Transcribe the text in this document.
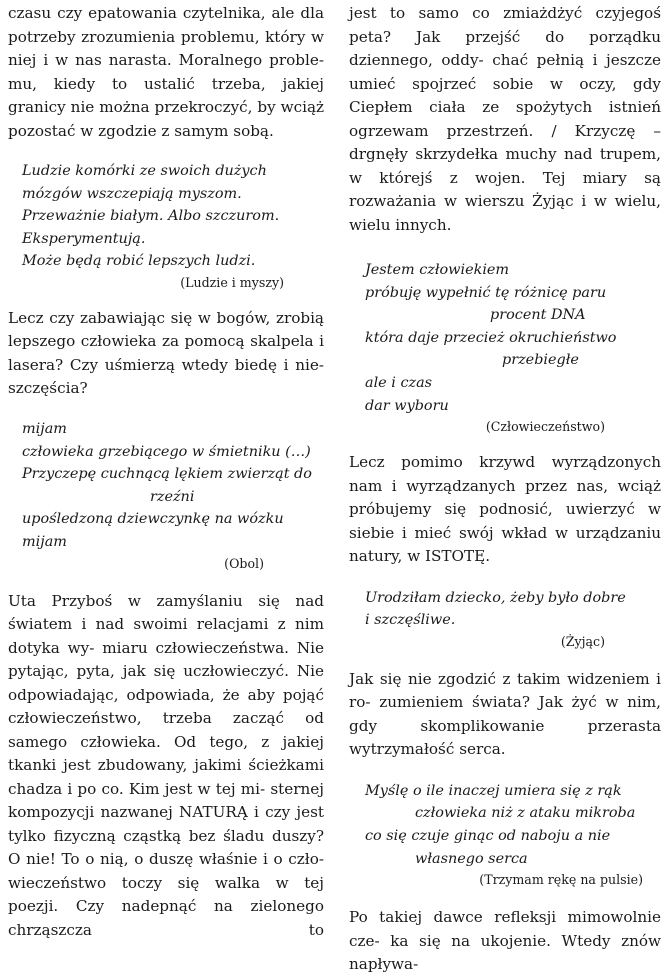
czasu czy epatowania czytelnika, ale dla potrzeby zrozumienia problemu, który w niej i w nas narasta. Moralnego proble- mu, kiedy to ustalić trzeba, jakiej granicy nie można przekroczyć, by wciąż pozostać w zgodzie z samym sobą.

Ludzie komórki ze swoich dużych
mózgów wszczepiają myszom.
Przeważnie białym. Albo szczurom.
Eksperymentują.
Może będą robić lepszych ludzi.
(Ludzie i myszy)

Lecz czy zabawiając się w bogów, zrobią lepszego człowieka za pomocą skalpela i lasera? Czy uśmierzą wtedy biedę i nie- szczęścia?

mijam
człowieka grzebiącego w śmietniku (…)
Przyczepę cuchnącą lękiem zwierząt do
rzeźni
upośledzoną dziewczynkę na wózku
mijam
(Obol)

Uta Przyboś w zamyślaniu się nad światem i nad swoimi relacjami z nim dotyka wy- miaru człowieczeństwa. Nie pytając, pyta, jak się uczłowieczyć. Nie odpowiadając, odpowiada, że aby pojąć człowieczeństwo, trzeba zacząć od samego człowieka. Od tego, z jakiej tkanki jest zbudowany, jakimi ścieżkami chadza i po co. Kim jest w tej mi- sternej kompozycji nazwanej NATURĄ i czy jest tylko fizyczną cząstką bez śladu duszy? O nie! To o nią, o duszę właśnie i o czło- wieczeństwo toczy się walka w tej poezji. Czy nadepnąć na zielonego chrząszcza to

jest to samo co zmiażdżyć czyjegoś peta? Jak przejść do porządku dziennego, oddy- chać pełnią i jeszcze umieć spojrzeć sobie w oczy, gdy Ciepłem ciała ze spożytych istnień ogrzewam przestrzeń. / Krzyczę – drgnęły skrzydełka muchy nad trupem, w którejś z wojen. Tej miary są rozważania w wierszu Żyjąc i w wielu, wielu innych.

Jestem człowiekiem
próbuję wypełnić tę różnicę paru
procent DNA
która daje przecież okruchieństwo
przebiegłe
ale i czas
dar wyboru
(Człowieczeństwo)

Lecz pomimo krzywd wyrządzonych nam i wyrządzanych przez nas, wciąż próbujemy się podnosić, uwierzyć w siebie i mieć swój wkład w urządzaniu natury, w ISTOTĘ.

Urodziłam dziecko, żeby było dobre
i szczęśliwe.
(Żyjąc)

Jak się nie zgodzić z takim widzeniem i ro- zumieniem świata? Jak żyć w nim, gdy	skomplikowanie przerasta wytrzymałość serca.

Myślę o ile inaczej umiera się z rąk
człowieka niż z ataku mikroba
co się czuje ginąc od naboju a nie
własnego serca
(Trzymam rękę na pulsie)

Po takiej dawce refleksji mimowolnie cze- ka się na ukojenie. Wtedy znów napływa-
